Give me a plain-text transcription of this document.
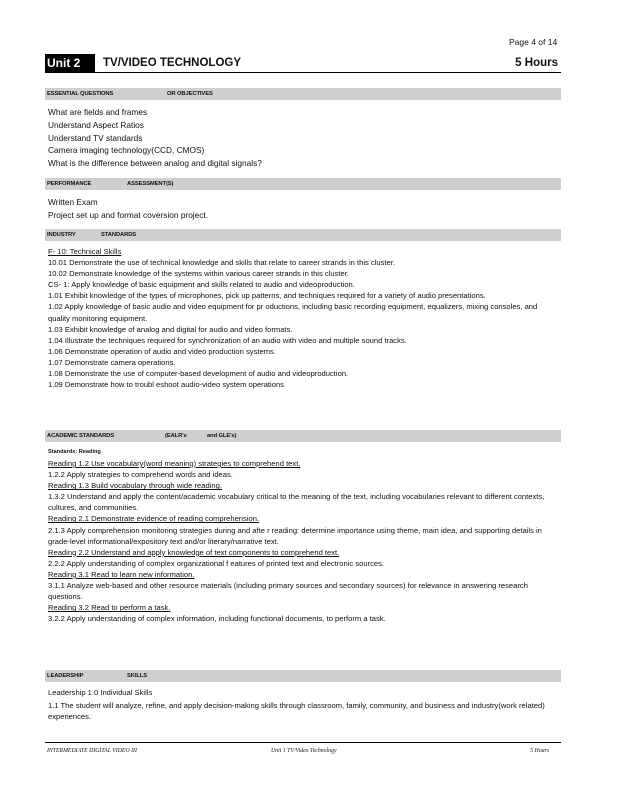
Page 4 of 14
Unit 2	TV/VIDEO TECHNOLOGY	5 Hours
ESSENTIAL QUESTIONS	OR OBJECTIVES
What are fields and frames
Understand Aspect Ratios
Understand TV standards
Camera imaging technology(CCD, CMOS)
What is the difference between analog and digital signals?
PERFORMANCE	ASSESSMENT(S)
Written Exam
Project set up and format coversion project.
INDUSTRY	STANDARDS
F- 10: Technical Skills
10.01 Demonstrate the use of technical knowledge and skills that relate to career strands in this cluster.
10.02 Demonstrate knowledge of the systems within various career strands in this cluster.
CS- 1: Apply knowledge of basic equipment and skills related to audio and videoproduction.
1.01 Exhibit knowledge of the types of microphones, pick up patterns, and techniques required for a variety of audio presentations.
1.02 Apply knowledge of basic audio and video equipment for pr oductions, including basic recording equipment, equalizers, mixing consoles, and quality monitoring equipment.
1.03 Exhibit knowledge of analog and digital for audio and video formats.
1.04 Illustrate the techniques required for synchronization of an audio with video and multiple sound tracks.
1.06 Demonstrate operation of audio and video production systems.
1.07 Demonstrate camera operations.
1.08 Demonstrate the use of computer-based development of audio and videoproduction.
1.09 Demonstrate how to troubl eshoot audio-video system operations
ACADEMIC STANDARDS	(EALR's	and GLE's)
Standards: Reading
Reading 1.2 Use vocabulary(word meaning) strategies to comprehend text.
1.2.2 Apply strategies to comprehend words and ideas.
Reading 1.3 Build vocabulary through wide reading.
1.3.2 Understand and apply the content/academic vocabulary critical to the meaning of the text, including vocabularies relevant to different contexts, cultures, and communities.
Reading 2.1 Demonstrate evidence of reading comprehension.
2.1.3 Apply comprehension monitoring strategies during and afte r reading: determine importance using theme, main idea, and supporting details in grade-level informational/expository text and/or literary/narrative text.
Reading 2.2 Understand and apply knowledge of text components to comprehend text.
2.2.2 Apply understanding of complex organizational f eatures of printed text and electronic sources.
Reading 3.1 Read to learn new information.
3.1.1 Analyze web-based and other resource materials (including primary sources and secondary sources) for relevance in answering research questions.
Reading 3.2 Read to perform a task.
3.2.2 Apply understanding of complex information, including functional documents, to perform a task.
LEADERSHIP	SKILLS
Leadership 1.0 Individual Skills
1.1 The student will analyze, refine, and apply decision-making skills through classroom, family, community, and business and industry(work related) experiences.
INTERMEDIATE DIGITAL VIDEO III	Unit 1 TV/Video Technology	5 Hours
